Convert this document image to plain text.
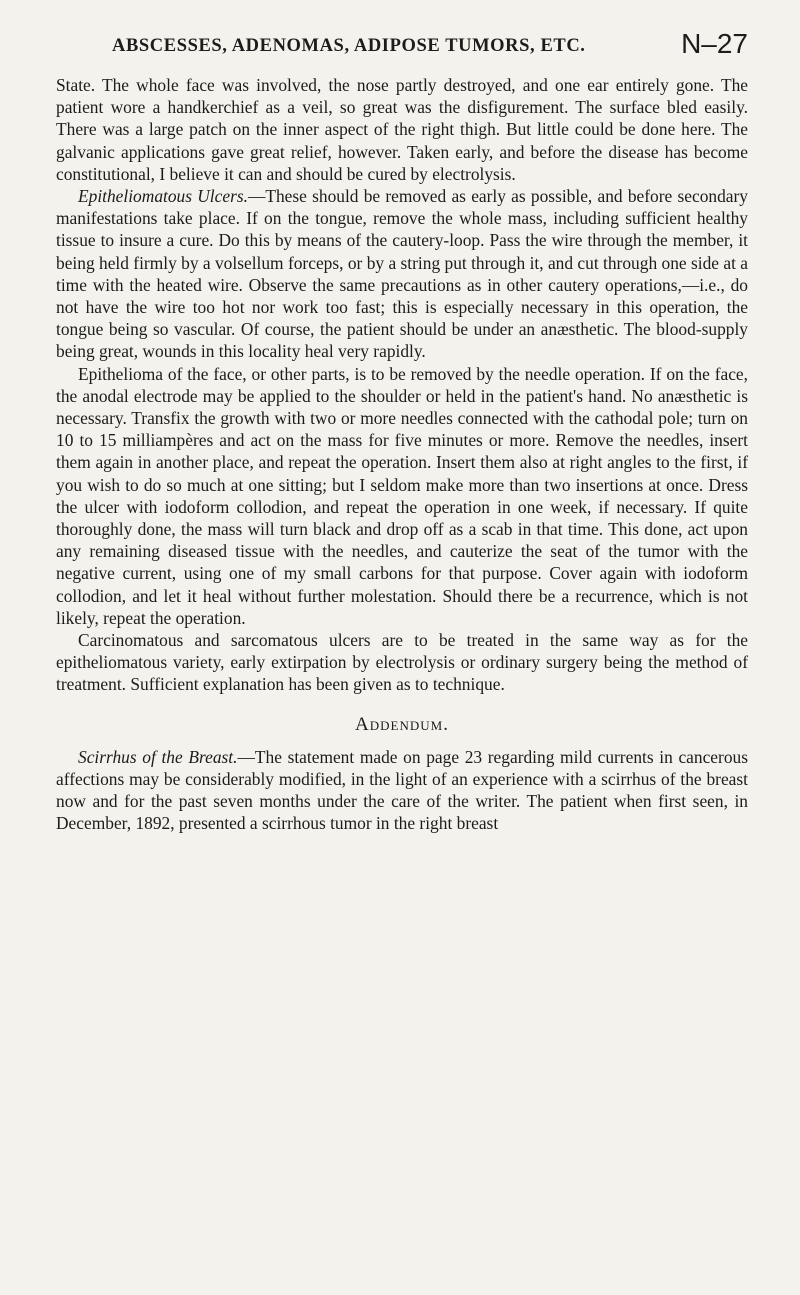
ABSCESSES, ADENOMAS, ADIPOSE TUMORS, ETC.	N–27

State. The whole face was involved, the nose partly destroyed, and one ear entirely gone. The patient wore a handkerchief as a veil, so great was the disfigurement. The surface bled easily. There was a large patch on the inner aspect of the right thigh. But little could be done here. The galvanic applications gave great relief, however. Taken early, and before the disease has become constitutional, I believe it can and should be cured by electrolysis.

Epitheliomatous Ulcers.—These should be removed as early as possible, and before secondary manifestations take place. If on the tongue, remove the whole mass, including sufficient healthy tissue to insure a cure. Do this by means of the cautery-loop. Pass the wire through the member, it being held firmly by a volsellum forceps, or by a string put through it, and cut through one side at a time with the heated wire. Observe the same precautions as in other cautery operations,—i.e., do not have the wire too hot nor work too fast; this is especially necessary in this operation, the tongue being so vascular. Of course, the patient should be under an anæsthetic. The blood-supply being great, wounds in this locality heal very rapidly.

Epithelioma of the face, or other parts, is to be removed by the needle operation. If on the face, the anodal electrode may be applied to the shoulder or held in the patient's hand. No anæsthetic is necessary. Transfix the growth with two or more needles connected with the cathodal pole; turn on 10 to 15 milliampères and act on the mass for five minutes or more. Remove the needles, insert them again in another place, and repeat the operation. Insert them also at right angles to the first, if you wish to do so much at one sitting; but I seldom make more than two insertions at once. Dress the ulcer with iodoform collodion, and repeat the operation in one week, if necessary. If quite thoroughly done, the mass will turn black and drop off as a scab in that time. This done, act upon any remaining diseased tissue with the needles, and cauterize the seat of the tumor with the negative current, using one of my small carbons for that purpose. Cover again with iodoform collodion, and let it heal without further molestation. Should there be a recurrence, which is not likely, repeat the operation.

Carcinomatous and sarcomatous ulcers are to be treated in the same way as for the epitheliomatous variety, early extirpation by electrolysis or ordinary surgery being the method of treatment. Sufficient explanation has been given as to technique.

Addendum.

Scirrhus of the Breast.—The statement made on page 23 regarding mild currents in cancerous affections may be considerably modified, in the light of an experience with a scirrhus of the breast now and for the past seven months under the care of the writer. The patient when first seen, in December, 1892, presented a scirrhous tumor in the right breast
